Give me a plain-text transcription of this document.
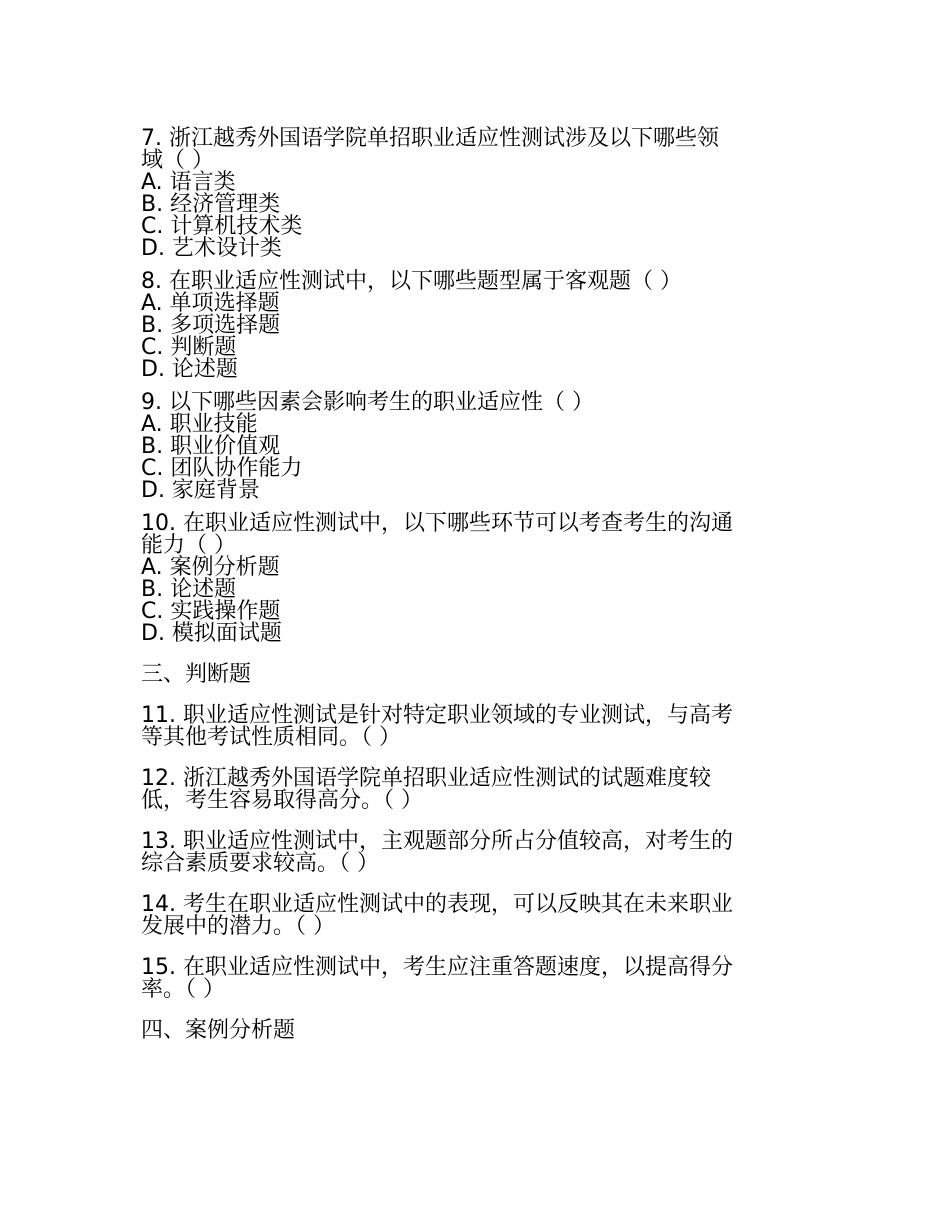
7. 浙江越秀外国语学院单招职业适应性测试涉及以下哪些领
域（ ）
A. 语言类
B. 经济管理类
C. 计算机技术类
D. 艺术设计类
8. 在职业适应性测试中，以下哪些题型属于客观题（ ）
A. 单项选择题
B. 多项选择题
C. 判断题
D. 论述题
9. 以下哪些因素会影响考生的职业适应性（ ）
A. 职业技能
B. 职业价值观
C. 团队协作能力
D. 家庭背景
10. 在职业适应性测试中，以下哪些环节可以考查考生的沟通
能力（ ）
A. 案例分析题
B. 论述题
C. 实践操作题
D. 模拟面试题
三、判断题
11. 职业适应性测试是针对特定职业领域的专业测试，与高考
等其他考试性质相同。（ ）
12. 浙江越秀外国语学院单招职业适应性测试的试题难度较
低，考生容易取得高分。（ ）
13. 职业适应性测试中，主观题部分所占分值较高，对考生的
综合素质要求较高。（ ）
14. 考生在职业适应性测试中的表现，可以反映其在未来职业
发展中的潜力。（ ）
15. 在职业适应性测试中，考生应注重答题速度，以提高得分
率。（ ）
四、案例分析题
